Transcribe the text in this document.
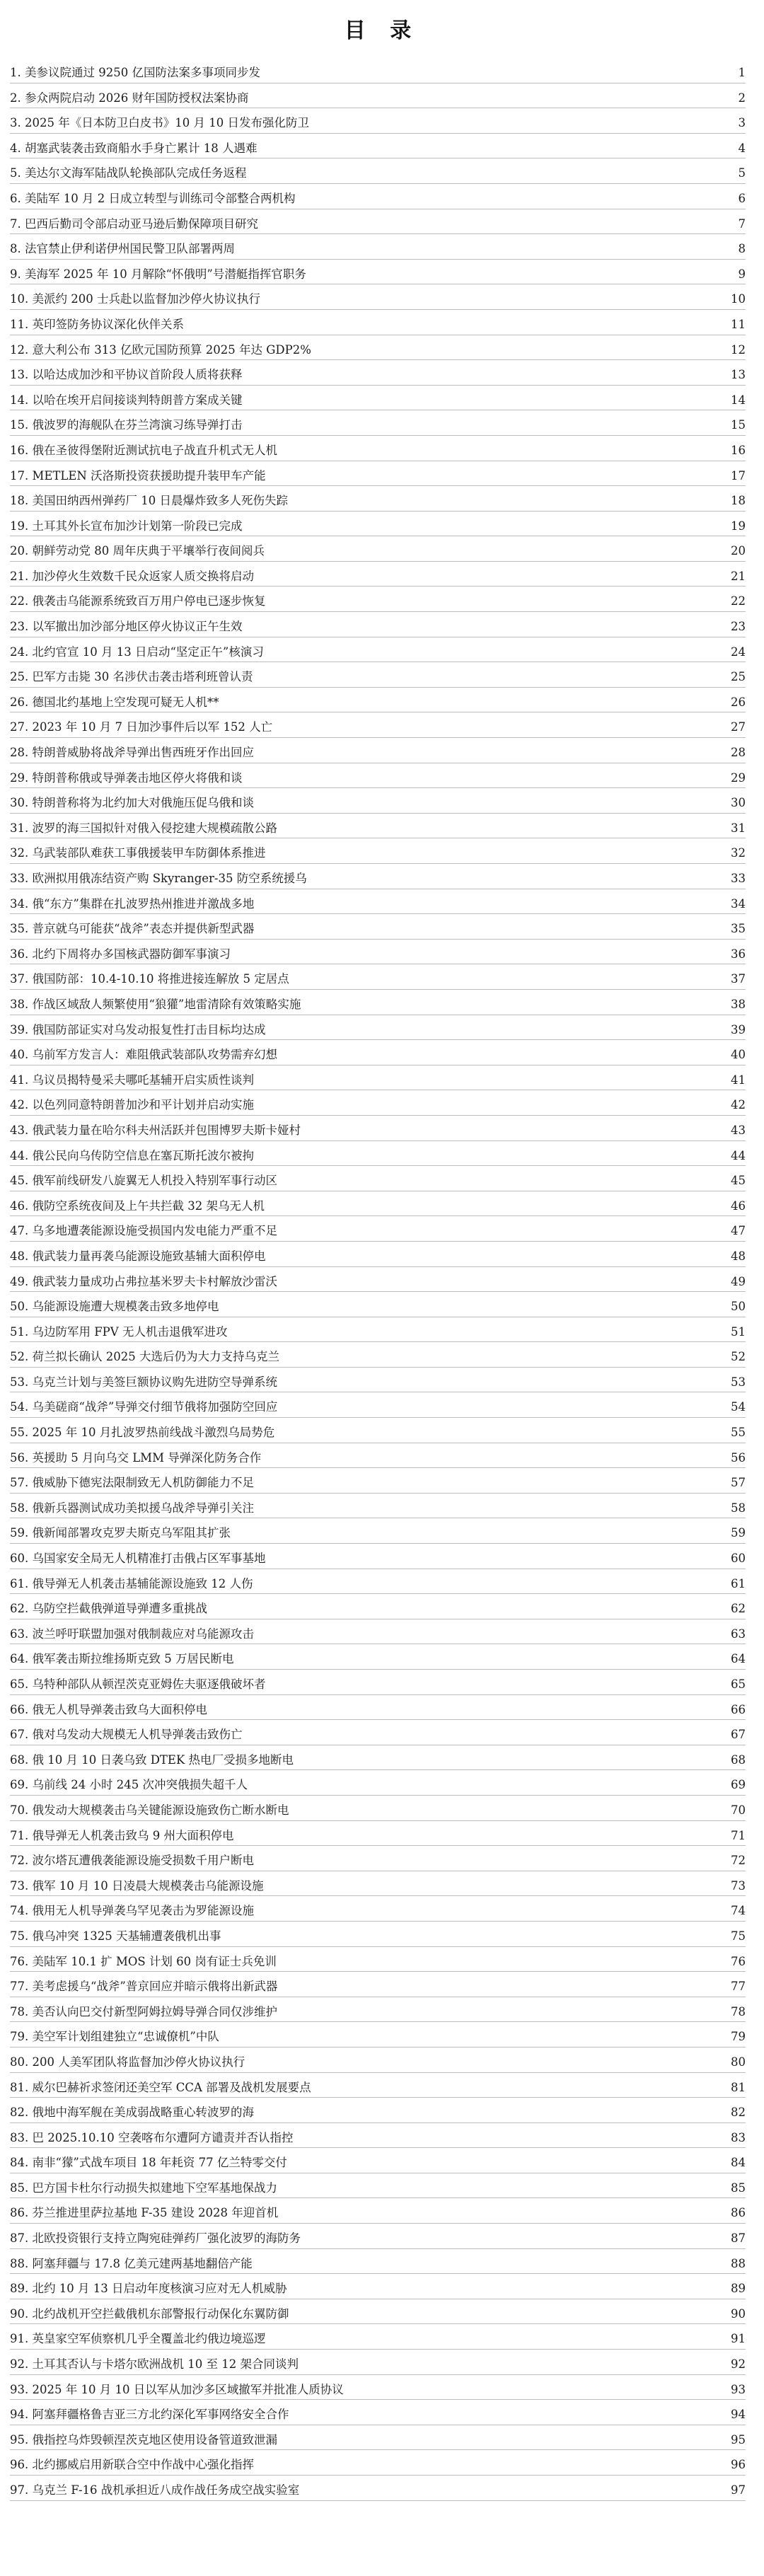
目 录
1. 美参议院通过 9250 亿国防法案多事项同步发	1
2. 参众两院启动 2026 财年国防授权法案协商	2
3. 2025 年《日本防卫白皮书》10 月 10 日发布强化防卫	3
4. 胡塞武装袭击致商船水手身亡累计 18 人遇难	4
5. 美达尔文海军陆战队轮换部队完成任务返程	5
6. 美陆军 10 月 2 日成立转型与训练司令部整合两机构	6
7. 巴西后勤司令部启动亚马逊后勤保障项目研究	7
8. 法官禁止伊利诺伊州国民警卫队部署两周	8
9. 美海军 2025 年 10 月解除“怀俄明”号潜艇指挥官职务	9
10. 美派约 200 士兵赴以监督加沙停火协议执行	10
11. 英印签防务协议深化伙伴关系	11
12. 意大利公布 313 亿欧元国防预算 2025 年达 GDP2%	12
13. 以哈达成加沙和平协议首阶段人质将获释	13
14. 以哈在埃开启间接谈判特朗普方案成关键	14
15. 俄波罗的海舰队在芬兰湾演习练导弹打击	15
16. 俄在圣彼得堡附近测试抗电子战直升机式无人机	16
17. METLEN 沃洛斯投资获援助提升装甲车产能	17
18. 美国田纳西州弹药厂 10 日晨爆炸致多人死伤失踪	18
19. 土耳其外长宣布加沙计划第一阶段已完成	19
20. 朝鲜劳动党 80 周年庆典于平壤举行夜间阅兵	20
21. 加沙停火生效数千民众返家人质交换将启动	21
22. 俄袭击乌能源系统致百万用户停电已逐步恢复	22
23. 以军撤出加沙部分地区停火协议正午生效	23
24. 北约官宣 10 月 13 日启动“坚定正午”核演习	24
25. 巴军方击毙 30 名涉伏击袭击塔利班曾认责	25
26. 德国北约基地上空发现可疑无人机**	26
27. 2023 年 10 月 7 日加沙事件后以军 152 人亡	27
28. 特朗普威胁将战斧导弹出售西班牙作出回应	28
29. 特朗普称俄或导弹袭击地区停火将俄和谈	29
30. 特朗普称将为北约加大对俄施压促乌俄和谈	30
31. 波罗的海三国拟针对俄入侵挖建大规模疏散公路	31
32. 乌武装部队难获工事俄援装甲车防御体系推进	32
33. 欧洲拟用俄冻结资产购 Skyranger-35 防空系统援乌	33
34. 俄“东方”集群在扎波罗热州推进并激战多地	34
35. 普京就乌可能获“战斧”表态并提供新型武器	35
36. 北约下周将办多国核武器防御军事演习	36
37. 俄国防部：10.4-10.10 将推进接连解放 5 定居点	37
38. 作战区域敌人频繁使用“狼獾”地雷清除有效策略实施	38
39. 俄国防部证实对乌发动报复性打击目标均达成	39
40. 乌前军方发言人：难阻俄武装部队攻势需弃幻想	40
41. 乌议员揭特曼采夫哪吒基辅开启实质性谈判	41
42. 以色列同意特朗普加沙和平计划并启动实施	42
43. 俄武装力量在哈尔科夫州活跃并包围博罗夫斯卡娅村	43
44. 俄公民向乌传防空信息在塞瓦斯托波尔被拘	44
45. 俄军前线研发八旋翼无人机投入特别军事行动区	45
46. 俄防空系统夜间及上午共拦截 32 架乌无人机	46
47. 乌多地遭袭能源设施受损国内发电能力严重不足	47
48. 俄武装力量再袭乌能源设施致基辅大面积停电	48
49. 俄武装力量成功占弗拉基米罗夫卡村解放沙雷沃	49
50. 乌能源设施遭大规模袭击致多地停电	50
51. 乌边防军用 FPV 无人机击退俄军进攻	51
52. 荷兰拟长确认 2025 大选后仍为大力支持乌克兰	52
53. 乌克兰计划与美签巨额协议购先进防空导弹系统	53
54. 乌美磋商“战斧”导弹交付细节俄将加强防空回应	54
55. 2025 年 10 月扎波罗热前线战斗激烈乌局势危	55
56. 英援助 5 月向乌交 LMM 导弹深化防务合作	56
57. 俄威胁下德宪法限制致无人机防御能力不足	57
58. 俄新兵器测试成功美拟援乌战斧导弹引关注	58
59. 俄新闻部署攻克罗夫斯克乌军阻其扩张	59
60. 乌国家安全局无人机精准打击俄占区军事基地	60
61. 俄导弹无人机袭击基辅能源设施致 12 人伤	61
62. 乌防空拦截俄弹道导弹遭多重挑战	62
63. 波兰呼吁联盟加强对俄制裁应对乌能源攻击	63
64. 俄军袭击斯拉维扬斯克致 5 万居民断电	64
65. 乌特种部队从顿涅茨克亚姆佐夫驱逐俄破坏者	65
66. 俄无人机导弹袭击致乌大面积停电	66
67. 俄对乌发动大规模无人机导弹袭击致伤亡	67
68. 俄 10 月 10 日袭乌致 DTEK 热电厂受损多地断电	68
69. 乌前线 24 小时 245 次冲突俄损失超千人	69
70. 俄发动大规模袭击乌关键能源设施致伤亡断水断电	70
71. 俄导弹无人机袭击致乌 9 州大面积停电	71
72. 波尔塔瓦遭俄袭能源设施受损数千用户断电	72
73. 俄军 10 月 10 日凌晨大规模袭击乌能源设施	73
74. 俄用无人机导弹袭乌罕见袭击为罗能源设施	74
75. 俄乌冲突 1325 天基辅遭袭俄机出事	75
76. 美陆军 10.1 扩 MOS 计划 60 岗有证士兵免训	76
77. 美考虑援乌“战斧”普京回应并暗示俄将出新武器	77
78. 美否认向巴交付新型阿姆拉姆导弹合同仅涉维护	78
79. 美空军计划组建独立“忠诚僚机”中队	79
80. 200 人美军团队将监督加沙停火协议执行	80
81. 威尔巴赫祈求签闭还美空军 CCA 部署及战机发展要点	81
82. 俄地中海军舰在美成弱战略重心转波罗的海	82
83. 巴 2025.10.10 空袭喀布尔遭阿方谴责并否认指控	83
84. 南非“獴”式战车项目 18 年耗资 77 亿兰特零交付	84
85. 巴方国卡杜尔行动损失拟建地下空军基地保战力	85
86. 芬兰推进里萨拉基地 F-35 建设 2028 年迎首机	86
87. 北欧投资银行支持立陶宛硅弹药厂强化波罗的海防务	87
88. 阿塞拜疆与 17.8 亿美元建两基地翻倍产能	88
89. 北约 10 月 13 日启动年度核演习应对无人机威胁	89
90. 北约战机开空拦截俄机东部警报行动保化东翼防御	90
91. 英皇家空军侦察机几乎全覆盖北约俄边境巡逻	91
92. 土耳其否认与卡塔尔欧洲战机 10 至 12 架合同谈判	92
93. 2025 年 10 月 10 日以军从加沙多区域撤军并批准人质协议	93
94. 阿塞拜疆格鲁吉亚三方北约深化军事网络安全合作	94
95. 俄指控乌炸毁顿涅茨克地区使用设备管道致泄漏	95
96. 北约挪威启用新联合空中作战中心强化指挥	96
97. 乌克兰 F-16 战机承担近八成作战任务成空战实验室	97
